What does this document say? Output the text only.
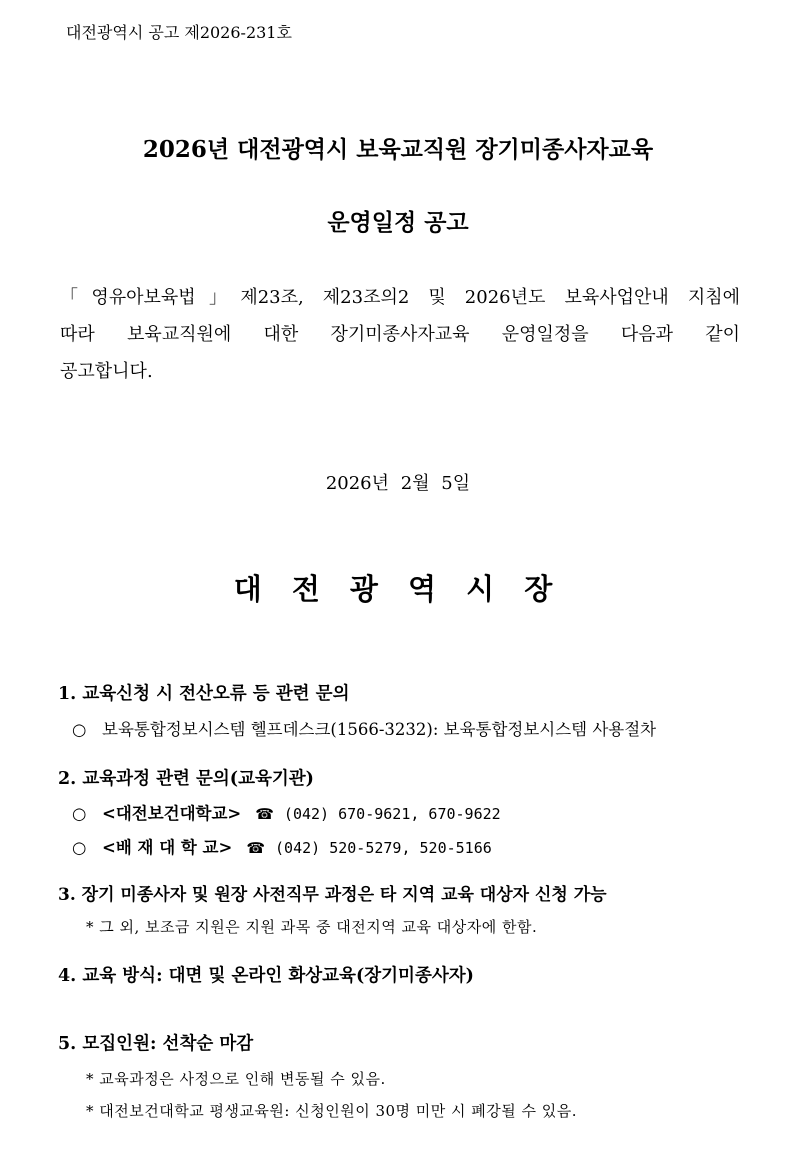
대전광역시 공고 제2026-231호
2026년 대전광역시 보육교직원 장기미종사자교육
운영일정 공고
「영유아보육법」제23조, 제23조의2 및 2026년도 보육사업안내 지침에
따라 보육교직원에 대한 장기미종사자교육 운영일정을 다음과 같이
공고합니다.
2026년 2월 5일
대 전 광 역 시 장
1. 교육신청 시 전산오류 등 관련 문의
○ 보육통합정보시스템 헬프데스크(1566-3232): 보육통합정보시스템 사용절차
2. 교육과정 관련 문의(교육기관)
○ <대전보건대학교> ☎ (042) 670-9621, 670-9622
○ <배 재 대 학 교> ☎ (042) 520-5279, 520-5166
3. 장기 미종사자 및 원장 사전직무 과정은 타 지역 교육 대상자 신청 가능
* 그 외, 보조금 지원은 지원 과목 중 대전지역 교육 대상자에 한함.
4. 교육 방식: 대면 및 온라인 화상교육(장기미종사자)
5. 모집인원: 선착순 마감
* 교육과정은 사정으로 인해 변동될 수 있음.
* 대전보건대학교 평생교육원: 신청인원이 30명 미만 시 폐강될 수 있음.
